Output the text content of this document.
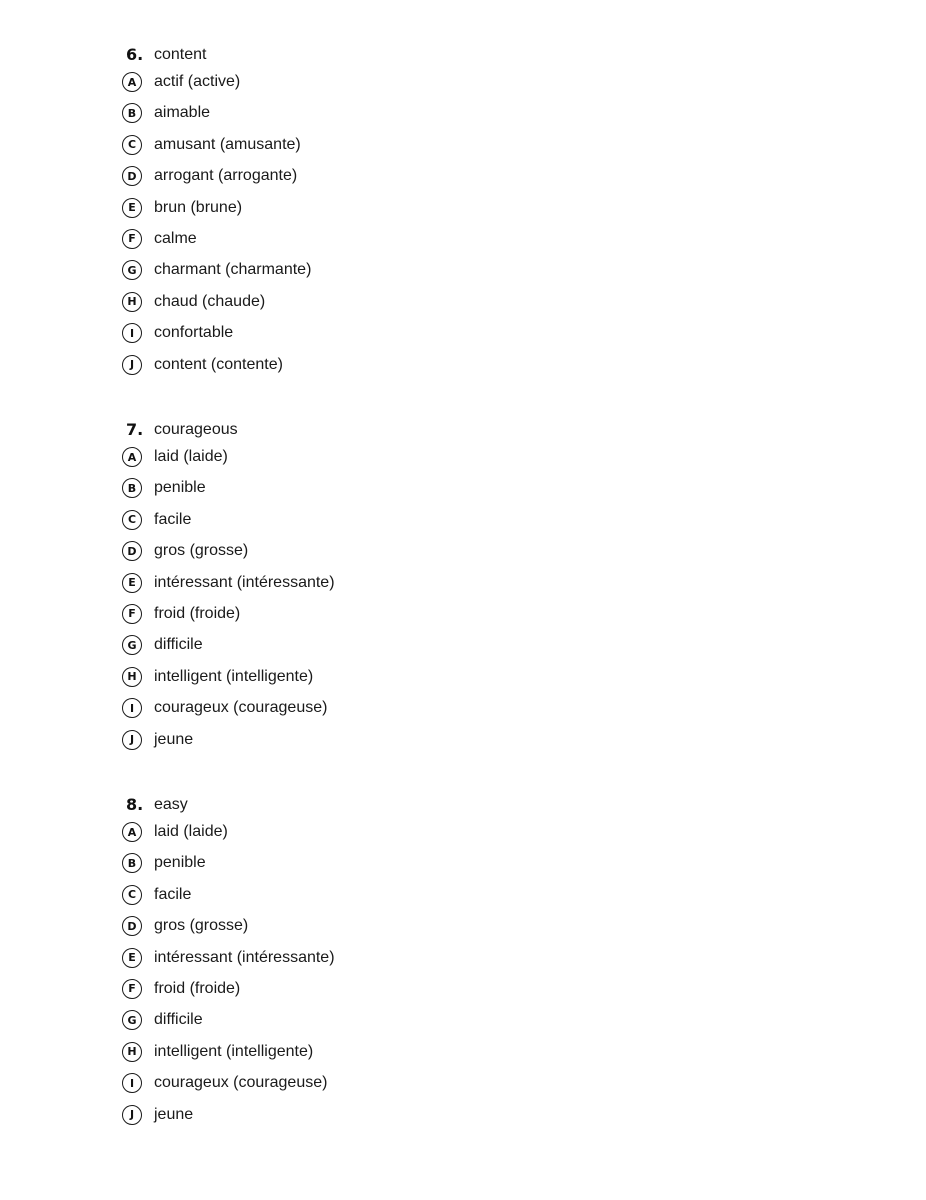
6. content
A	actif (active)
B	aimable
C	amusant (amusante)
D	arrogant (arrogante)
E	brun (brune)
F	calme
G	charmant (charmante)
H	chaud (chaude)
I	confortable
J	content (contente)
7. courageous
A	laid (laide)
B	penible
C	facile
D	gros (grosse)
E	intéressant (intéressante)
F	froid (froide)
G	difficile
H	intelligent (intelligente)
I	courageux (courageuse)
J	jeune
8. easy
A	laid (laide)
B	penible
C	facile
D	gros (grosse)
E	intéressant (intéressante)
F	froid (froide)
G	difficile
H	intelligent (intelligente)
I	courageux (courageuse)
J	jeune
